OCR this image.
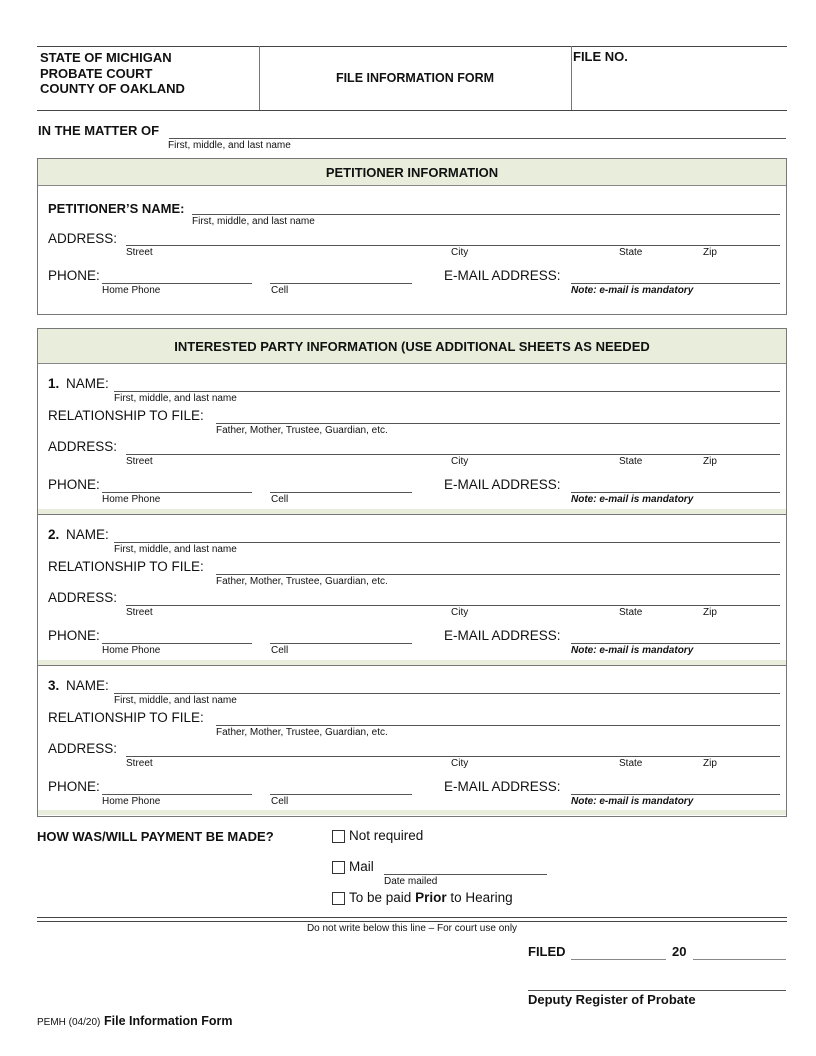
STATE OF MICHIGAN
PROBATE COURT
COUNTY OF OAKLAND
FILE INFORMATION FORM
FILE NO.
IN THE MATTER OF
First, middle, and last name
PETITIONER INFORMATION
PETITIONER’S NAME:
First, middle, and last name
ADDRESS:
Street	City	State	Zip
PHONE:
Home Phone	Cell
E-MAIL ADDRESS:
Note: e-mail is mandatory
INTERESTED PARTY INFORMATION (USE ADDITIONAL SHEETS AS NEEDED
1. NAME:
First, middle, and last name
RELATIONSHIP TO FILE:
Father, Mother, Trustee, Guardian, etc.
ADDRESS:
Street	City	State	Zip
PHONE:
Home Phone	Cell
E-MAIL ADDRESS:
Note: e-mail is mandatory
2. NAME:
First, middle, and last name
RELATIONSHIP TO FILE:
Father, Mother, Trustee, Guardian, etc.
ADDRESS:
Street	City	State	Zip
PHONE:
Home Phone	Cell
E-MAIL ADDRESS:
Note: e-mail is mandatory
3. NAME:
First, middle, and last name
RELATIONSHIP TO FILE:
Father, Mother, Trustee, Guardian, etc.
ADDRESS:
Street	City	State	Zip
PHONE:
Home Phone	Cell
E-MAIL ADDRESS:
Note: e-mail is mandatory
HOW WAS/WILL PAYMENT BE MADE?	Not required
Mail
Date mailed
To be paid Prior to Hearing
Do not write below this line – For court use only
FILED	20
Deputy Register of Probate
PEMH (04/20) File Information Form
